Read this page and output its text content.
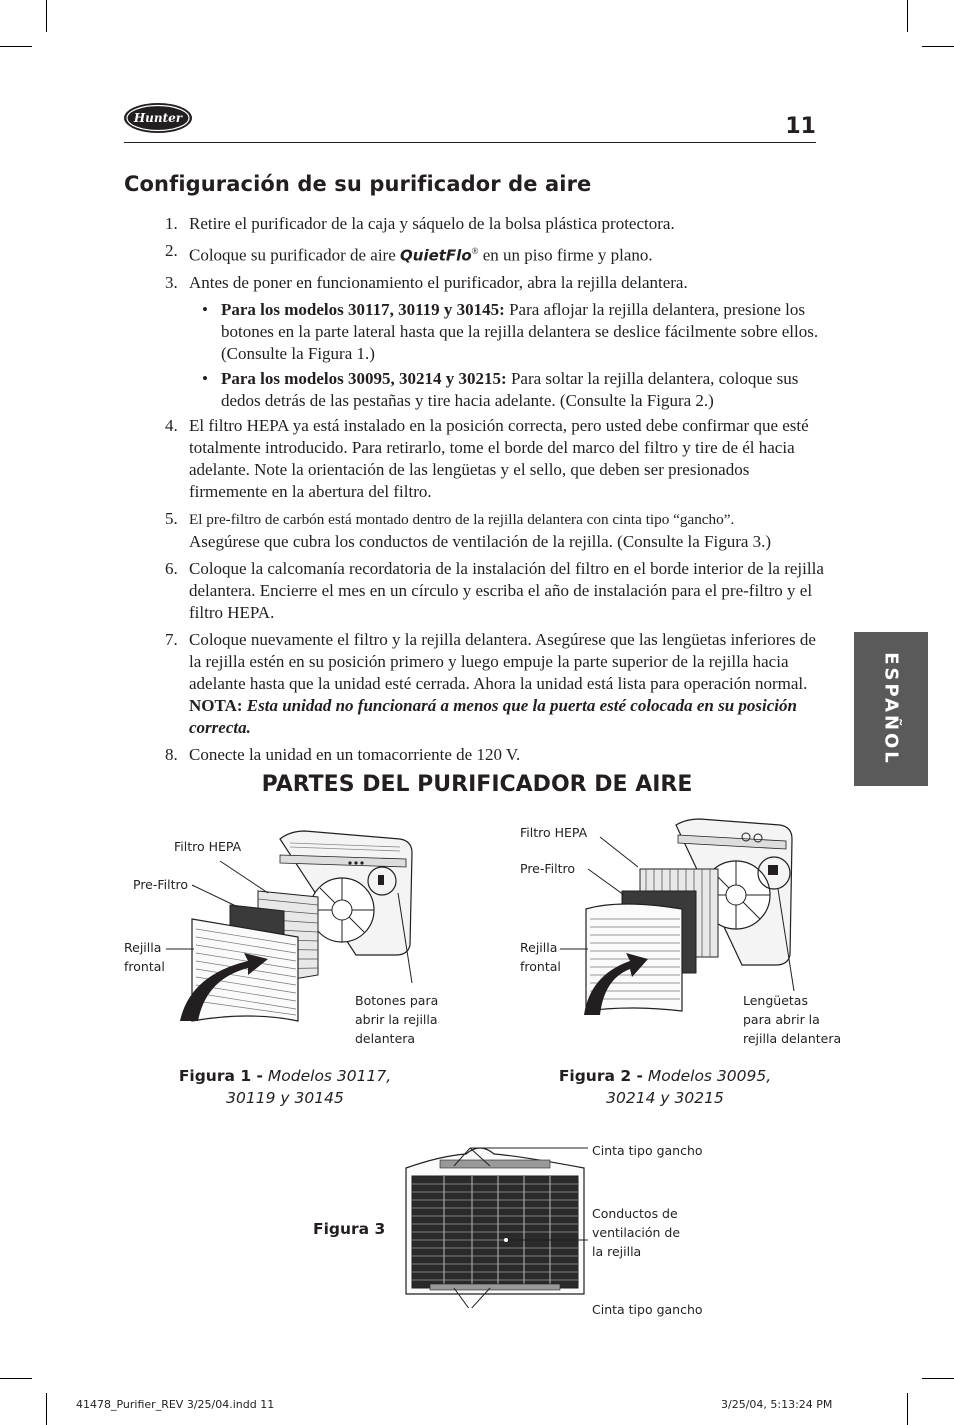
Hunter	11
Configuración de su purificador de aire
1. Retire el purificador de la caja y sáquelo de la bolsa plástica protectora.
2. Coloque su purificador de aire QuietFlo® en un piso firme y plano.
3. Antes de poner en funcionamiento el purificador, abra la rejilla delantera.
• Para los modelos 30117, 30119 y 30145: Para aflojar la rejilla delantera, presione los botones en la parte lateral hasta que la rejilla delantera se deslice fácilmente sobre ellos. (Consulte la Figura 1.)
• Para los modelos 30095, 30214 y 30215: Para soltar la rejilla delantera, coloque sus dedos detrás de las pestañas y tire hacia adelante. (Consulte la Figura 2.)
4. El filtro HEPA ya está instalado en la posición correcta, pero usted debe confirmar que esté totalmente introducido. Para retirarlo, tome el borde del marco del filtro y tire de él hacia adelante. Note la orientación de las lengüetas y el sello, que deben ser presionados firmemente en la abertura del filtro.
5. El pre-filtro de carbón está montado dentro de la rejilla delantera con cinta tipo “gancho”.
Asegúrese que cubra los conductos de ventilación de la rejilla. (Consulte la Figura 3.)
6. Coloque la calcomanía recordatoria de la instalación del filtro en el borde interior de la rejilla delantera. Encierre el mes en un círculo y escriba el año de instalación para el pre-filtro y el filtro HEPA.
7. Coloque nuevamente el filtro y la rejilla delantera. Asegúrese que las lengüetas inferiores de la rejilla estén en su posición primero y luego empuje la parte superior de la rejilla hacia adelante hasta que la unidad esté cerrada. Ahora la unidad está lista para operación normal. NOTA: Esta unidad no funcionará a menos que la puerta esté colocada en su posición correcta.
8. Conecte la unidad en un tomacorriente de 120 V.	ESPAÑOL
PARTES DEL PURIFICADOR DE AIRE
Filtro HEPA
Pre-Filtro
Rejilla
frontal
Botones para
abrir la rejilla
delantera
Filtro HEPA
Pre-Filtro
Rejilla
frontal
Lengüetas
para abrir la
rejilla delantera
Figura 1 - Modelos 30117,
30119 y 30145
Figura 2 - Modelos 30095,
30214 y 30215
Figura 3
Cinta tipo gancho
Conductos de
ventilación de
la rejilla
Cinta tipo gancho
41478_Purifier_REV 3/25/04.indd 11	3/25/04, 5:13:24 PM
